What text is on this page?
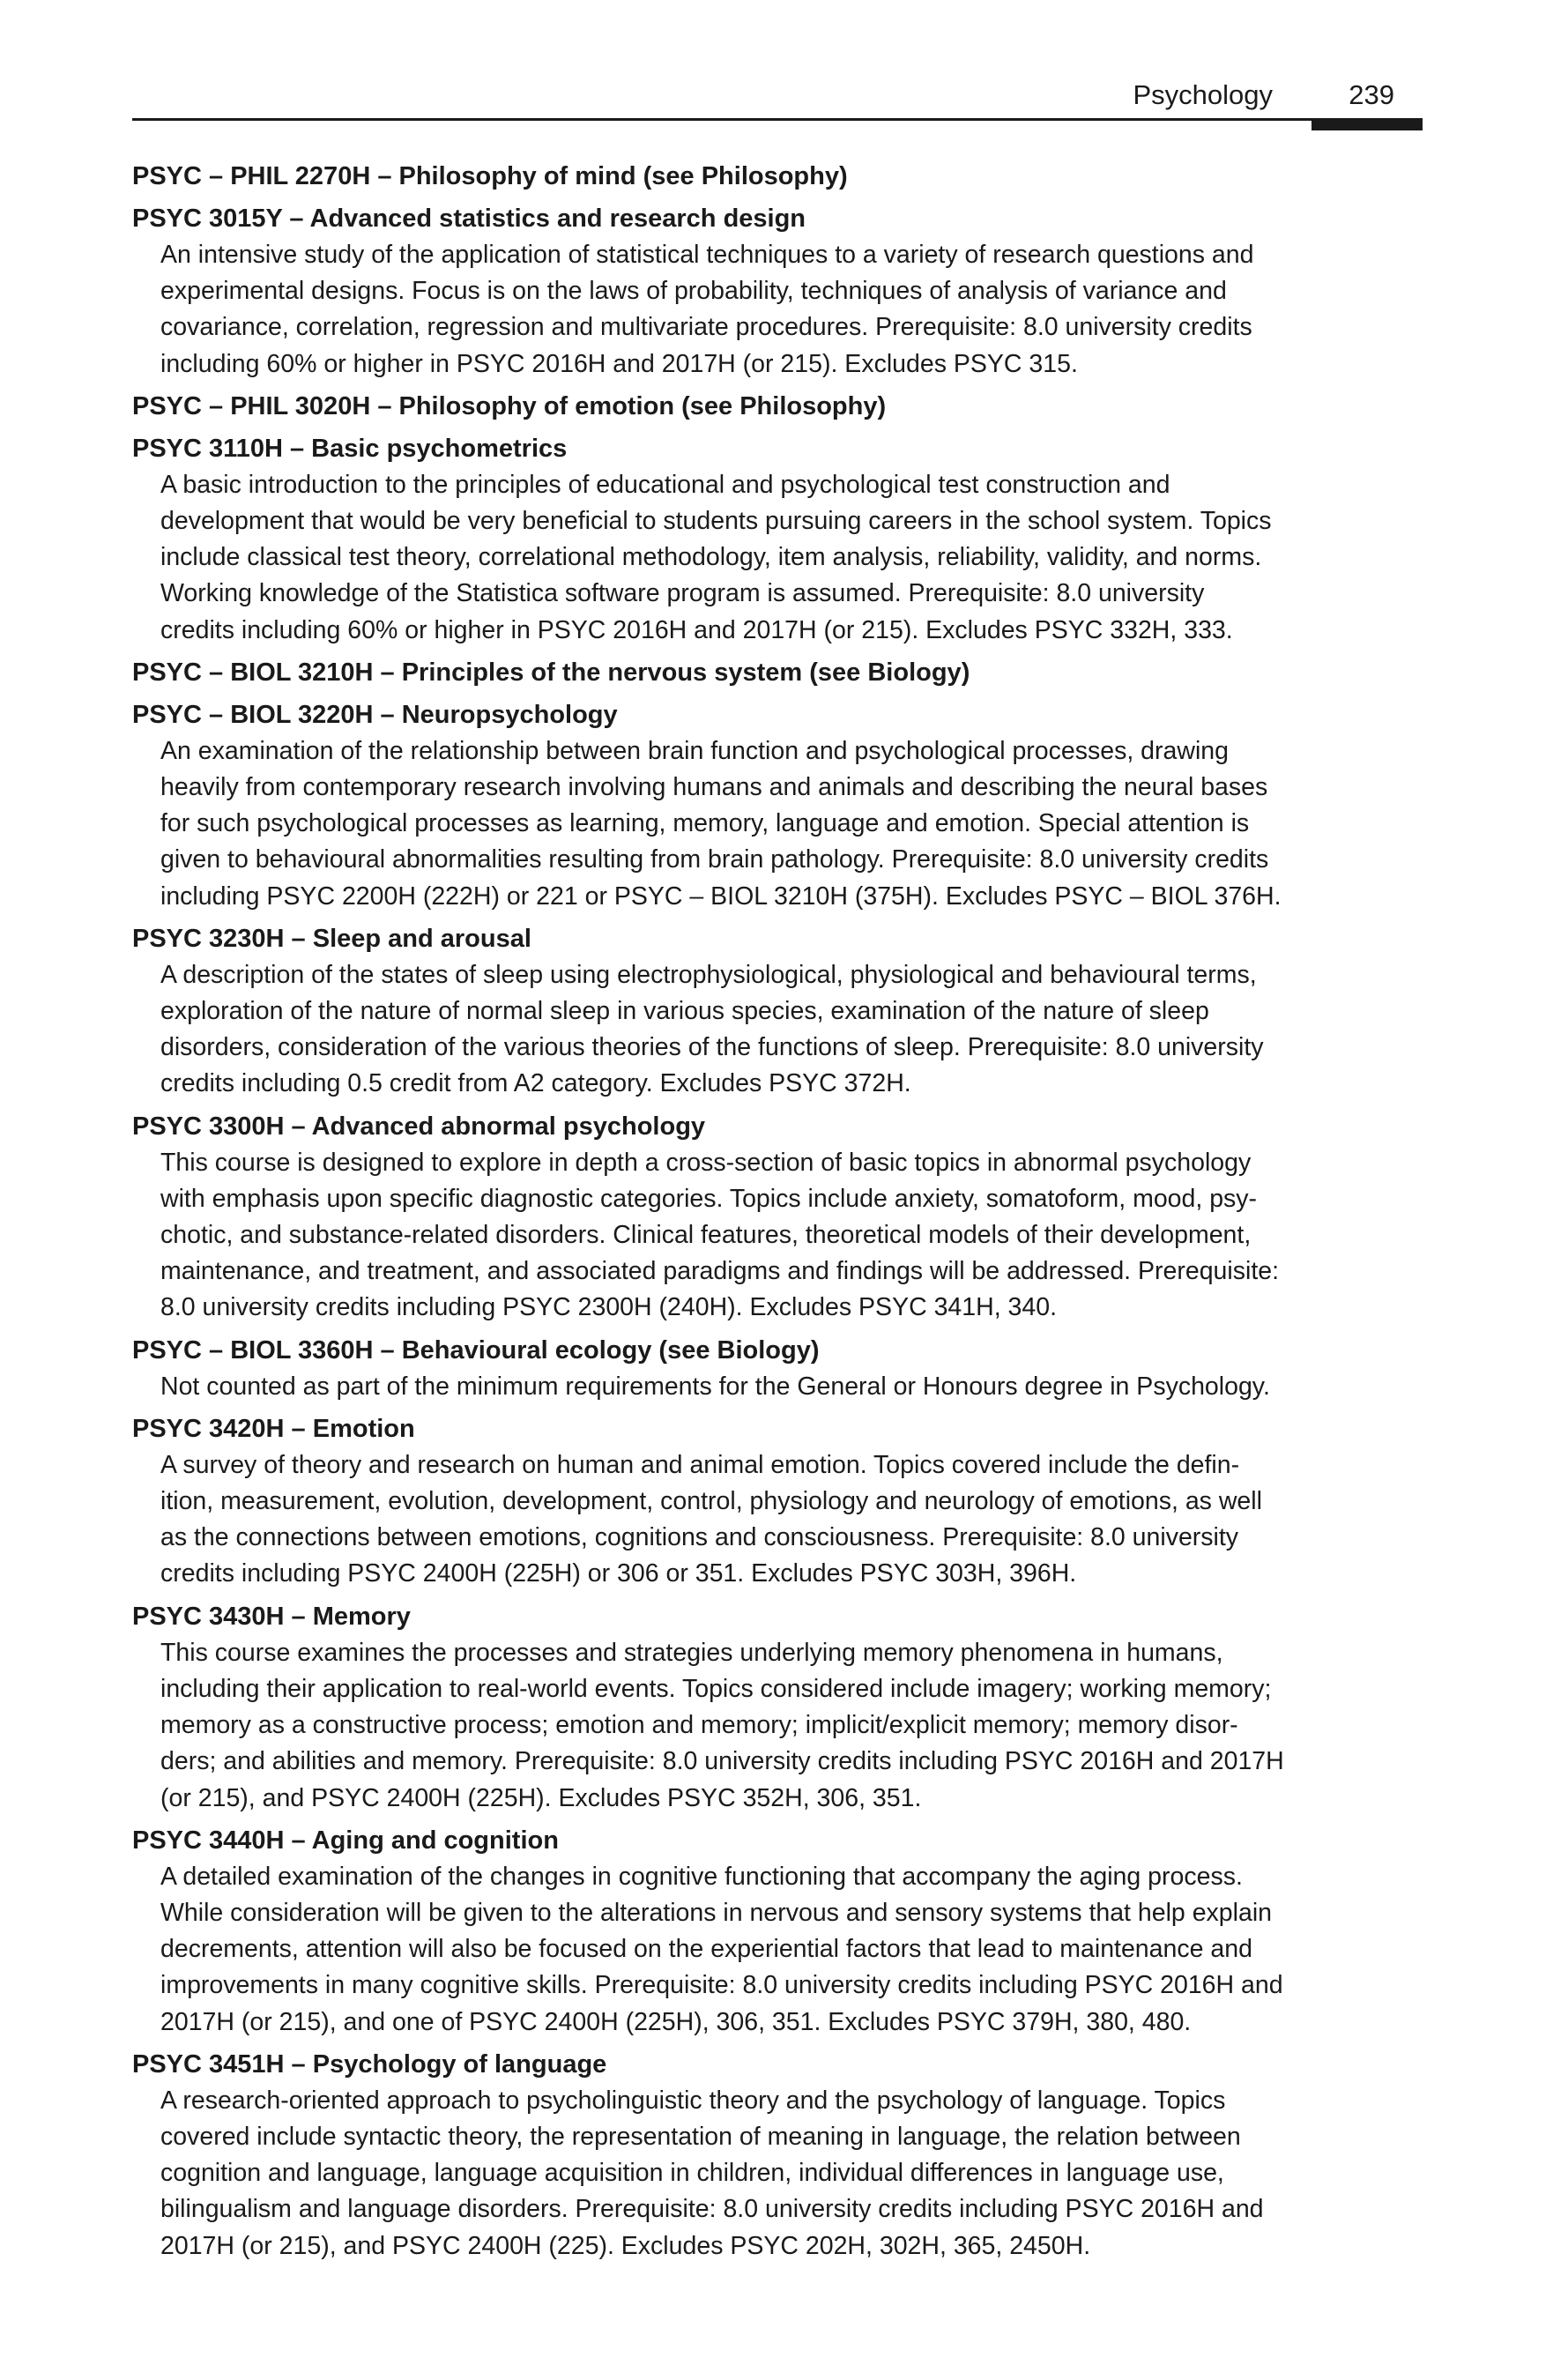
Psychology	239
PSYC – PHIL 2270H – Philosophy of mind (see Philosophy)
PSYC 3015Y – Advanced statistics and research design
An intensive study of the application of statistical techniques to a variety of research questions and
experimental designs. Focus is on the laws of probability, techniques of analysis of variance and
covariance, correlation, regression and multivariate procedures. Prerequisite: 8.0 university credits
including 60% or higher in PSYC 2016H and 2017H (or 215). Excludes PSYC 315.
PSYC – PHIL 3020H – Philosophy of emotion (see Philosophy)
PSYC 3110H – Basic psychometrics
A basic introduction to the principles of educational and psychological test construction and
development that would be very beneficial to students pursuing careers in the school system. Topics
include classical test theory, correlational methodology, item analysis, reliability, validity, and norms.
Working knowledge of the Statistica software program is assumed. Prerequisite: 8.0 university
credits including 60% or higher in PSYC 2016H and 2017H (or 215). Excludes PSYC 332H, 333.
PSYC – BIOL 3210H – Principles of the nervous system (see Biology)
PSYC – BIOL 3220H – Neuropsychology
An examination of the relationship between brain function and psychological processes, drawing
heavily from contemporary research involving humans and animals and describing the neural bases
for such psychological processes as learning, memory, language and emotion. Special attention is
given to behavioural abnormalities resulting from brain pathology. Prerequisite: 8.0 university credits
including PSYC 2200H (222H) or 221 or PSYC – BIOL 3210H (375H). Excludes PSYC – BIOL 376H.
PSYC 3230H – Sleep and arousal
A description of the states of sleep using electrophysiological, physiological and behavioural terms,
exploration of the nature of normal sleep in various species, examination of the nature of sleep
disorders, consideration of the various theories of the functions of sleep. Prerequisite: 8.0 university
credits including 0.5 credit from A2 category. Excludes PSYC 372H.
PSYC 3300H – Advanced abnormal psychology
This course is designed to explore in depth a cross-section of basic topics in abnormal psychology
with emphasis upon specific diagnostic categories. Topics include anxiety, somatoform, mood, psy-
chotic, and substance-related disorders. Clinical features, theoretical models of their development,
maintenance, and treatment, and associated paradigms and findings will be addressed. Prerequisite:
8.0 university credits including PSYC 2300H (240H). Excludes PSYC 341H, 340.
PSYC – BIOL 3360H – Behavioural ecology (see Biology)
Not counted as part of the minimum requirements for the General or Honours degree in Psychology.
PSYC 3420H – Emotion
A survey of theory and research on human and animal emotion. Topics covered include the defin-
ition, measurement, evolution, development, control, physiology and neurology of emotions, as well
as the connections between emotions, cognitions and consciousness. Prerequisite: 8.0 university
credits including PSYC 2400H (225H) or 306 or 351. Excludes PSYC 303H, 396H.
PSYC 3430H – Memory
This course examines the processes and strategies underlying memory phenomena in humans,
including their application to real-world events. Topics considered include imagery; working memory;
memory as a constructive process; emotion and memory; implicit/explicit memory; memory disor-
ders; and abilities and memory. Prerequisite: 8.0 university credits including PSYC 2016H and 2017H
(or 215), and PSYC 2400H (225H). Excludes PSYC 352H, 306, 351.
PSYC 3440H – Aging and cognition
A detailed examination of the changes in cognitive functioning that accompany the aging process.
While consideration will be given to the alterations in nervous and sensory systems that help explain
decrements, attention will also be focused on the experiential factors that lead to maintenance and
improvements in many cognitive skills. Prerequisite: 8.0 university credits including PSYC 2016H and
2017H (or 215), and one of PSYC 2400H (225H), 306, 351. Excludes PSYC 379H, 380, 480.
PSYC 3451H – Psychology of language
A research-oriented approach to psycholinguistic theory and the psychology of language. Topics
covered include syntactic theory, the representation of meaning in language, the relation between
cognition and language, language acquisition in children, individual differences in language use,
bilingualism and language disorders. Prerequisite: 8.0 university credits including PSYC 2016H and
2017H (or 215), and PSYC 2400H (225). Excludes PSYC 202H, 302H, 365, 2450H.
